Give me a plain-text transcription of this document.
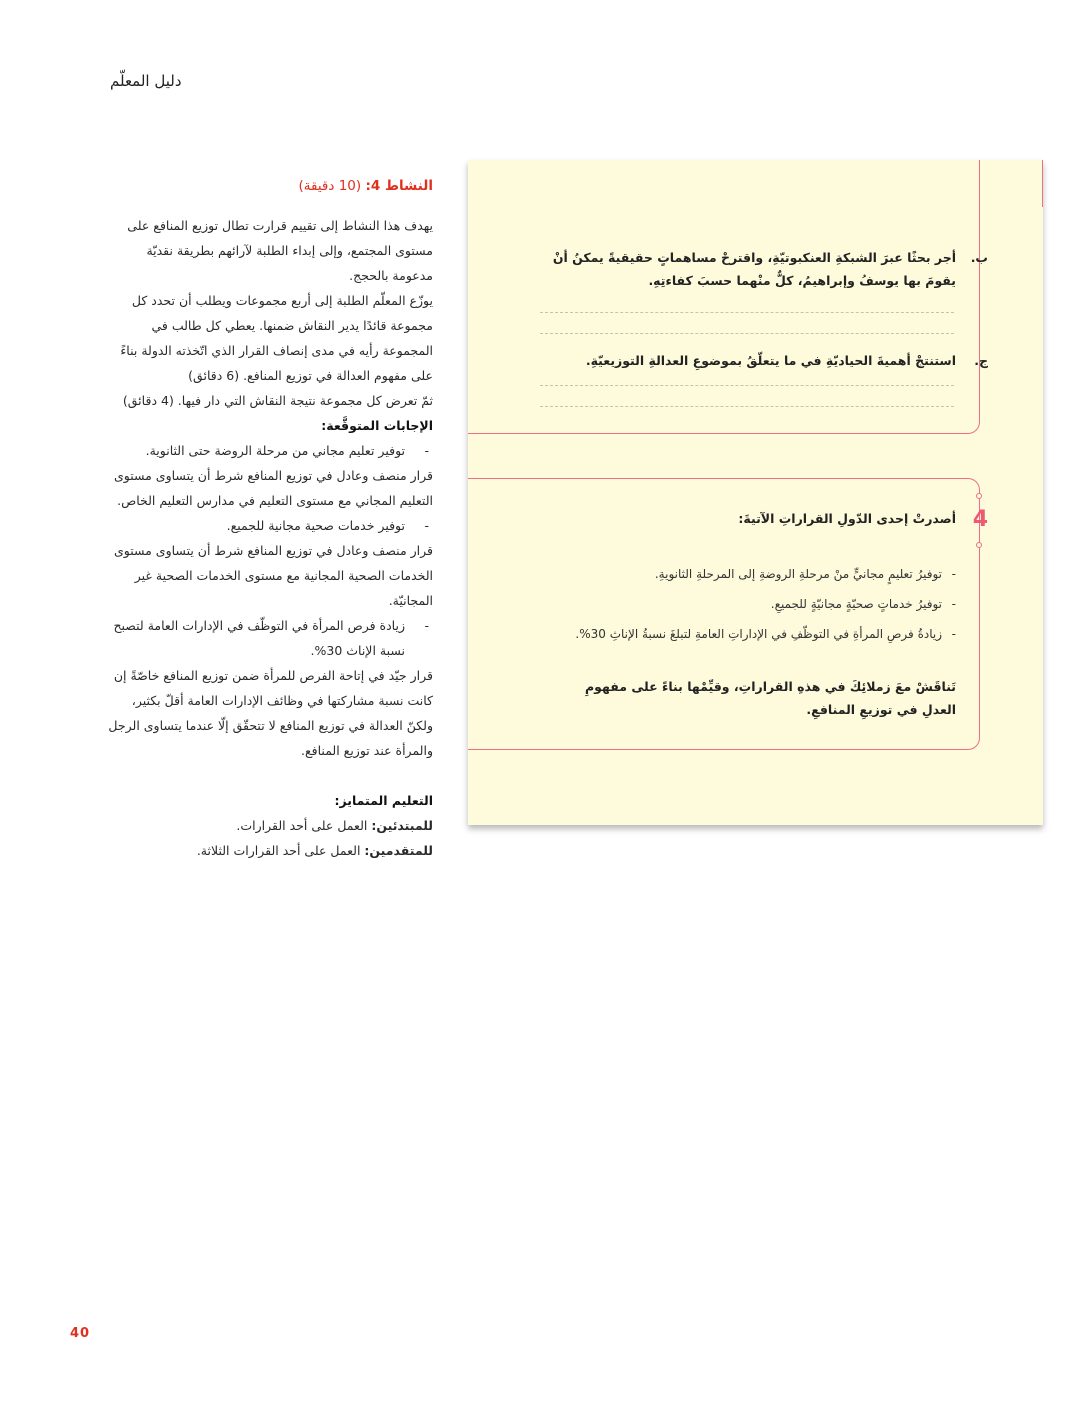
دليل المعلّم
النشاط 4: (10 دقيقة)

يهدف هذا النشاط إلى تقييم قرارت تطال توزيع المنافع على مستوى المجتمع، وإلى إبداء الطلبة لآرائهم بطريقة نقديّة مدعومة بالحجج.

يوزّع المعلّم الطلبة إلى أربع مجموعات ويطلب أن تحدد كل مجموعة قائدًا يدير النقاش ضمنها. يعطي كل طالب في المجموعة رأيه في مدى إنصاف القرار الذي اتّخذته الدولة بناءً على مفهوم العدالة في توزيع المنافع. (6 دقائق)

ثمّ تعرض كل مجموعة نتيجة النقاش التي دار فيها. (4 دقائق)

الإجابات المتوقَّعة:

- توفير تعليم مجاني من مرحلة الروضة حتى الثانوية.

قرار منصف وعادل في توزيع المنافع شرط أن يتساوى مستوى التعليم المجاني مع مستوى التعليم في مدارس التعليم الخاص.

- توفير خدمات صحية مجانية للجميع.

قرار منصف وعادل في توزيع المنافع شرط أن يتساوى مستوى الخدمات الصحية المجانية مع مستوى الخدمات الصحية غير المجانيّة.

- زيادة فرص المرأة في التوظّف في الإدارات العامة لتصبح نسبة الإناث 30%.

قرار جيّد في إتاحة الفرص للمرأة ضمن توزيع المنافع خاصّةً إن كانت نسبة مشاركتها في وظائف الإدارات العامة أقلّ بكثير، ولكنّ العدالة في توزيع المنافع لا تتحقّق إلّا عندما يتساوى الرجل والمرأة عند توزيع المنافع.

التعليم المتمايز:

للمبتدئين: العمل على أحد القرارات.

للمتقدمين: العمل على أحد القرارات الثلاثة.

ب.
أجر بحثًا عبرَ الشبكةِ العنكبوتيّةِ، واقترحْ مساهماتٍ حقيقيةً يمكنُ أنْ يقومَ بها يوسفُ وإبراهيمُ، كلٌّ منْهما حسبَ كفاءتِهِ.
ج.
استنتجْ أهميةَ الحياديّةِ في ما يتعلّقُ بموضوعِ العدالةِ التوزيعيّةِ.
4
أصدرتْ إحدى الدّولِ القراراتِ الآتيةَ:
- توفيرُ تعليمٍ مجانيٍّ منْ مرحلةِ الروضةِ إلى المرحلةِ الثانويةِ.
- توفيرُ خدماتٍ صحيّةٍ مجانيّةٍ للجميعِ.
- زيادةُ فرصِ المرأةِ في التوظّفِ في الإداراتِ العامةِ لتبلغَ نسبةُ الإناثِ 30%.
تَناقَشْ معَ زملائِكَ في هذهِ القراراتِ، وقيِّمْها بناءً على مفهومِ العدلِ في توزيعِ المنافعِ.
40
